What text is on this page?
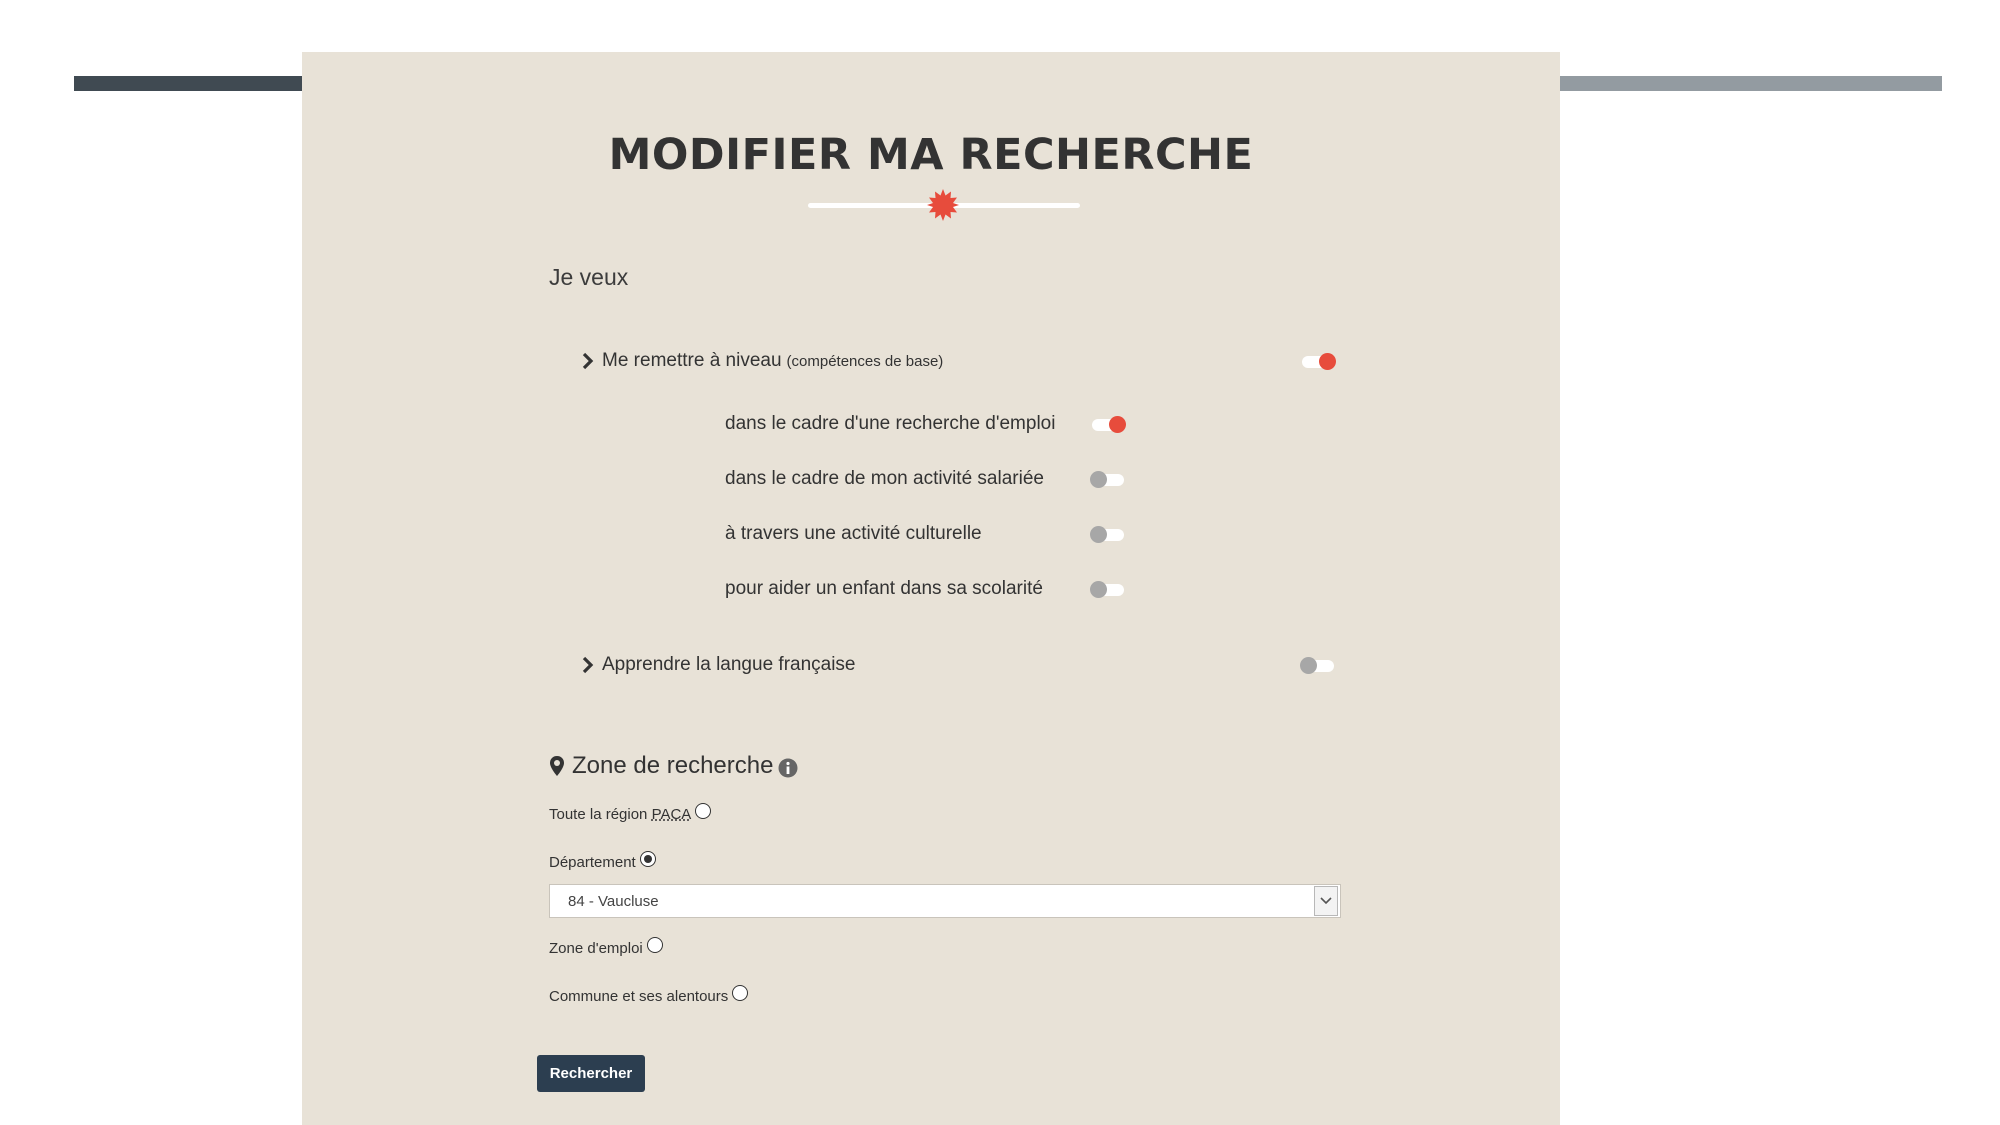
MODIFIER MA RECHERCHE
Je veux
Me remettre à niveau (compétences de base)
dans le cadre d'une recherche d'emploi
dans le cadre de mon activité salariée
à travers une activité culturelle
pour aider un enfant dans sa scolarité
Apprendre la langue française
Zone de recherche
Toute la région
PACA
Département
84 - Vaucluse
Zone d'emploi
Commune et ses alentours
Rechercher
